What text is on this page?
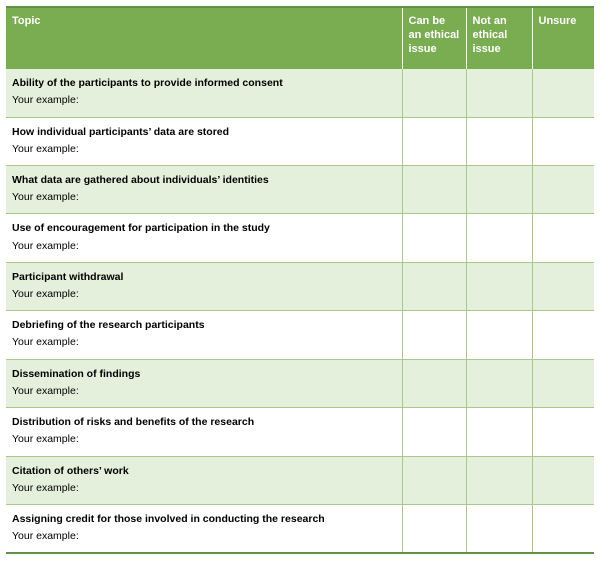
Topic	Can be an ethical issue	Not an ethical issue	Unsure

Ability of the participants to provide informed consent
Your example:			

How individual participants’ data are stored
Your example:			

What data are gathered about individuals’ identities
Your example:			

Use of encouragement for participation in the study
Your example:			

Participant withdrawal
Your example:			

Debriefing of the research participants
Your example:			

Dissemination of findings
Your example:			

Distribution of risks and benefits of the research
Your example:			

Citation of others’ work
Your example:			

Assigning credit for those involved in conducting the research
Your example:			
